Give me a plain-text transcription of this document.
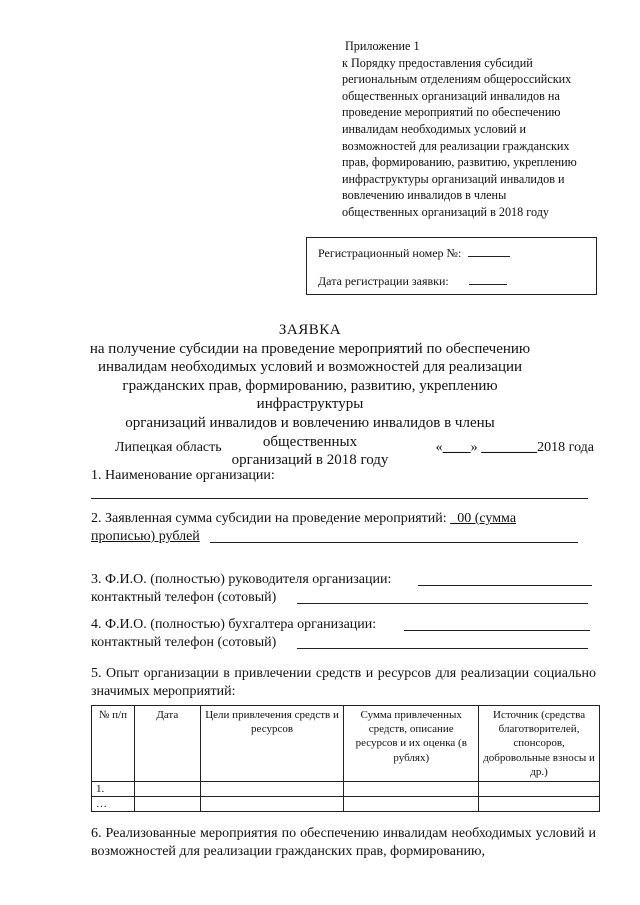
Приложение 1
к Порядку предоставления субсидий
региональным отделениям общероссийских
общественных организаций инвалидов на
проведение мероприятий по обеспечению
инвалидам необходимых условий и
возможностей для реализации гражданских
прав, формированию, развитию, укреплению
инфраструктуры организаций инвалидов и
вовлечению инвалидов в члены
общественных организаций в 2018 году
Регистрационный номер №:
Дата регистрации заявки:
ЗАЯВКА
на получение субсидии на проведение мероприятий по обеспечению
инвалидам необходимых условий и возможностей для реализации
гражданских прав, формированию, развитию, укреплению инфраструктуры
организаций инвалидов и вовлечению инвалидов в члены общественных
организаций в 2018 году
Липецкая область	«____» ________2018 года
1. Наименование организации:
2. Заявленная сумма субсидии на проведение мероприятий: _00 (сумма
прописью) рублей
3. Ф.И.О. (полностью) руководителя организации:
контактный телефон (сотовый)
4. Ф.И.О. (полностью) бухгалтера организации:
контактный телефон (сотовый)
5. Опыт организации в привлечении средств и ресурсов для реализации социально значимых мероприятий:
№ п/п	Дата	Цели привлечения средств и ресурсов	Сумма привлеченных средств, описание ресурсов и их оценка (в рублях)	Источник (средства благотворителей, спонсоров, добровольные взносы и др.)
1.				
…				
6. Реализованные мероприятия по обеспечению инвалидам необходимых условий и возможностей для реализации гражданских прав, формированию,
